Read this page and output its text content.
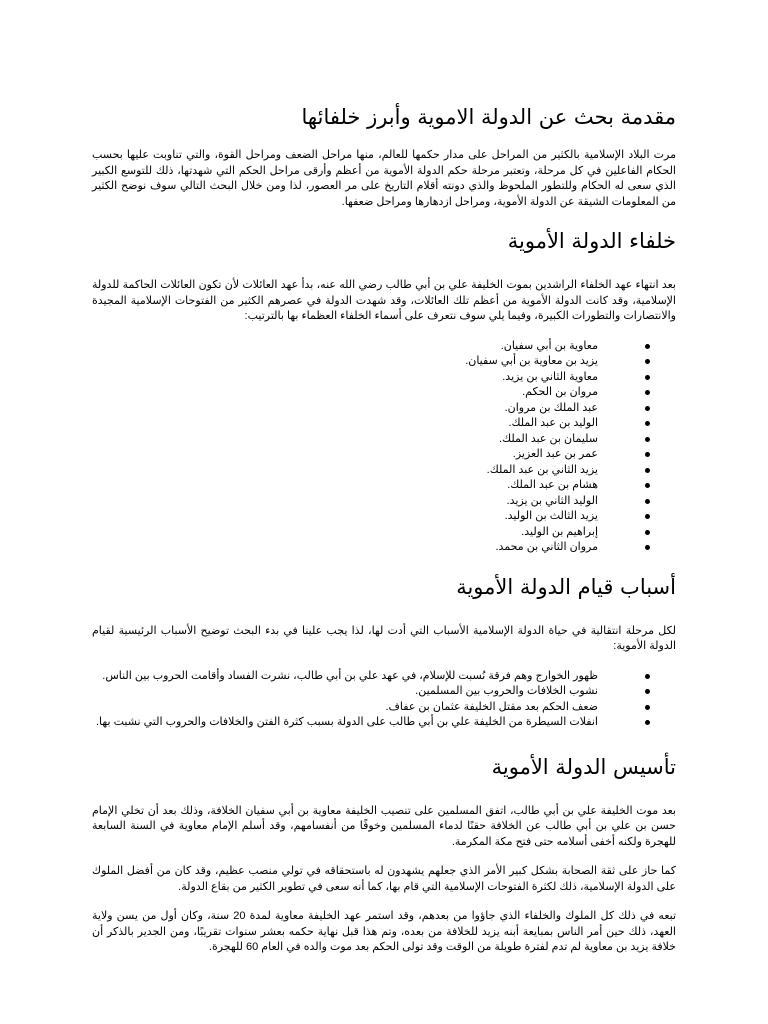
مقدمة بحث عن الدولة الاموية وأبرز خلفائها

مرت البلاد الإسلامية بالكثير من المراحل على مدار حكمها للعالم، منها مراحل الضعف ومراحل القوة، والتي تناوبت عليها بحسب الحكام الفاعلين في كل مرحلة، وتعتبر مرحلة حكم الدولة الأموية من أعظم وأرقى مراحل الحكم التي شهدتها، ذلك للتوسع الكبير الذي سعى له الحكام وللتطور الملحوظ والذي دونته أقلام التاريخ على مر العصور، لذا ومن خلال البحث التالي سوف نوضح الكثير من المعلومات الشيقة عن الدولة الأموية، ومراحل ازدهارها ومراحل ضعفها.

خلفاء الدولة الأموية

بعد انتهاء عهد الخلفاء الراشدين بموت الخليفة علي بن أبي طالب رضي الله عنه، بدأ عهد العائلات لأن تكون العائلات الحاكمة للدولة الإسلامية، وقد كانت الدولة الأموية من أعظم تلك العائلات، وقد شهدت الدولة في عصرهم الكثير من الفتوحات الإسلامية المجيدة والانتصارات والتطورات الكبيرة، وفيما يلي سوف نتعرف على أسماء الخلفاء العظماء بها بالترتيب:

معاوية بن أبي سفيان.
يزيد بن معاوية بن أبي سفيان.
معاوية الثاني بن يزيد.
مروان بن الحكم.
عبد الملك بن مروان.
الوليد بن عبد الملك.
سليمان بن عبد الملك.
عمر بن عبد العزيز.
يزيد الثاني بن عبد الملك.
هشام بن عبد الملك.
الوليد الثاني بن يزيد.
يزيد الثالث بن الوليد.
إبراهيم بن الوليد.
مروان الثاني بن محمد.
أسباب قيام الدولة الأموية

لكل مرحلة انتقالية في حياة الدولة الإسلامية الأسباب التي أدت لها، لذا يجب علينا في بدء البحث توضيح الأسباب الرئيسية لقيام الدولة الأموية:

ظهور الخوارج وهم فرقة نُسبت للإسلام، في عهد علي بن أبي طالب، نشرت الفساد وأقامت الحروب بين الناس.
نشوب الخلافات والحروب بين المسلمين.
ضعف الحكم بعد مقتل الخليفة عثمان بن عفاف.
انفلات السيطرة من الخليفة علي بن أبي طالب على الدولة بسبب كثرة الفتن والخلافات والحروب التي نشبت بها.
تأسيس الدولة الأموية

بعد موت الخليفة علي بن أبي طالب، اتفق المسلمين على تنصيب الخليفة معاوية بن أبي سفيان الخلافة، وذلك بعد أن تخلي الإمام حسن بن علي بن أبي طالب عن الخلافة حقنًا لدماء المسلمين وخوفًا من أنفسامهم، وقد أسلم الإمام معاوية في السنة السابعة للهجرة ولكنه أخفى أسلامه حتى فتح مكة المكرمة.

كما حاز على ثقة الصحابة بشكل كبير الأمر الذي جعلهم يشهدون له باستحقاقه في تولي منصب عظيم، وقد كان من أفضل الملوك على الدولة الإسلامية، ذلك لكثرة الفتوحات الإسلامية التي قام بها، كما أنه سعى في تطوير الكثير من بقاع الدولة.

تبعه في ذلك كل الملوك والخلفاء الذي جاؤوا من بعدهم، وقد استمر عهد الخليفة معاوية لمدة 20 سنة، وكان أول من يسن ولاية العهد، ذلك حين أمر الناس بمبايعة أبنه يزيد للخلافة من بعده، وتم هذا قبل نهاية حكمه بعشر سنوات تقريبًا، ومن الجدير بالذكر أن خلافة يزيد بن معاوية لم تدم لفترة طويلة من الوقت وقد تولى الحكم بعد موت والده في العام 60 للهجرة.
